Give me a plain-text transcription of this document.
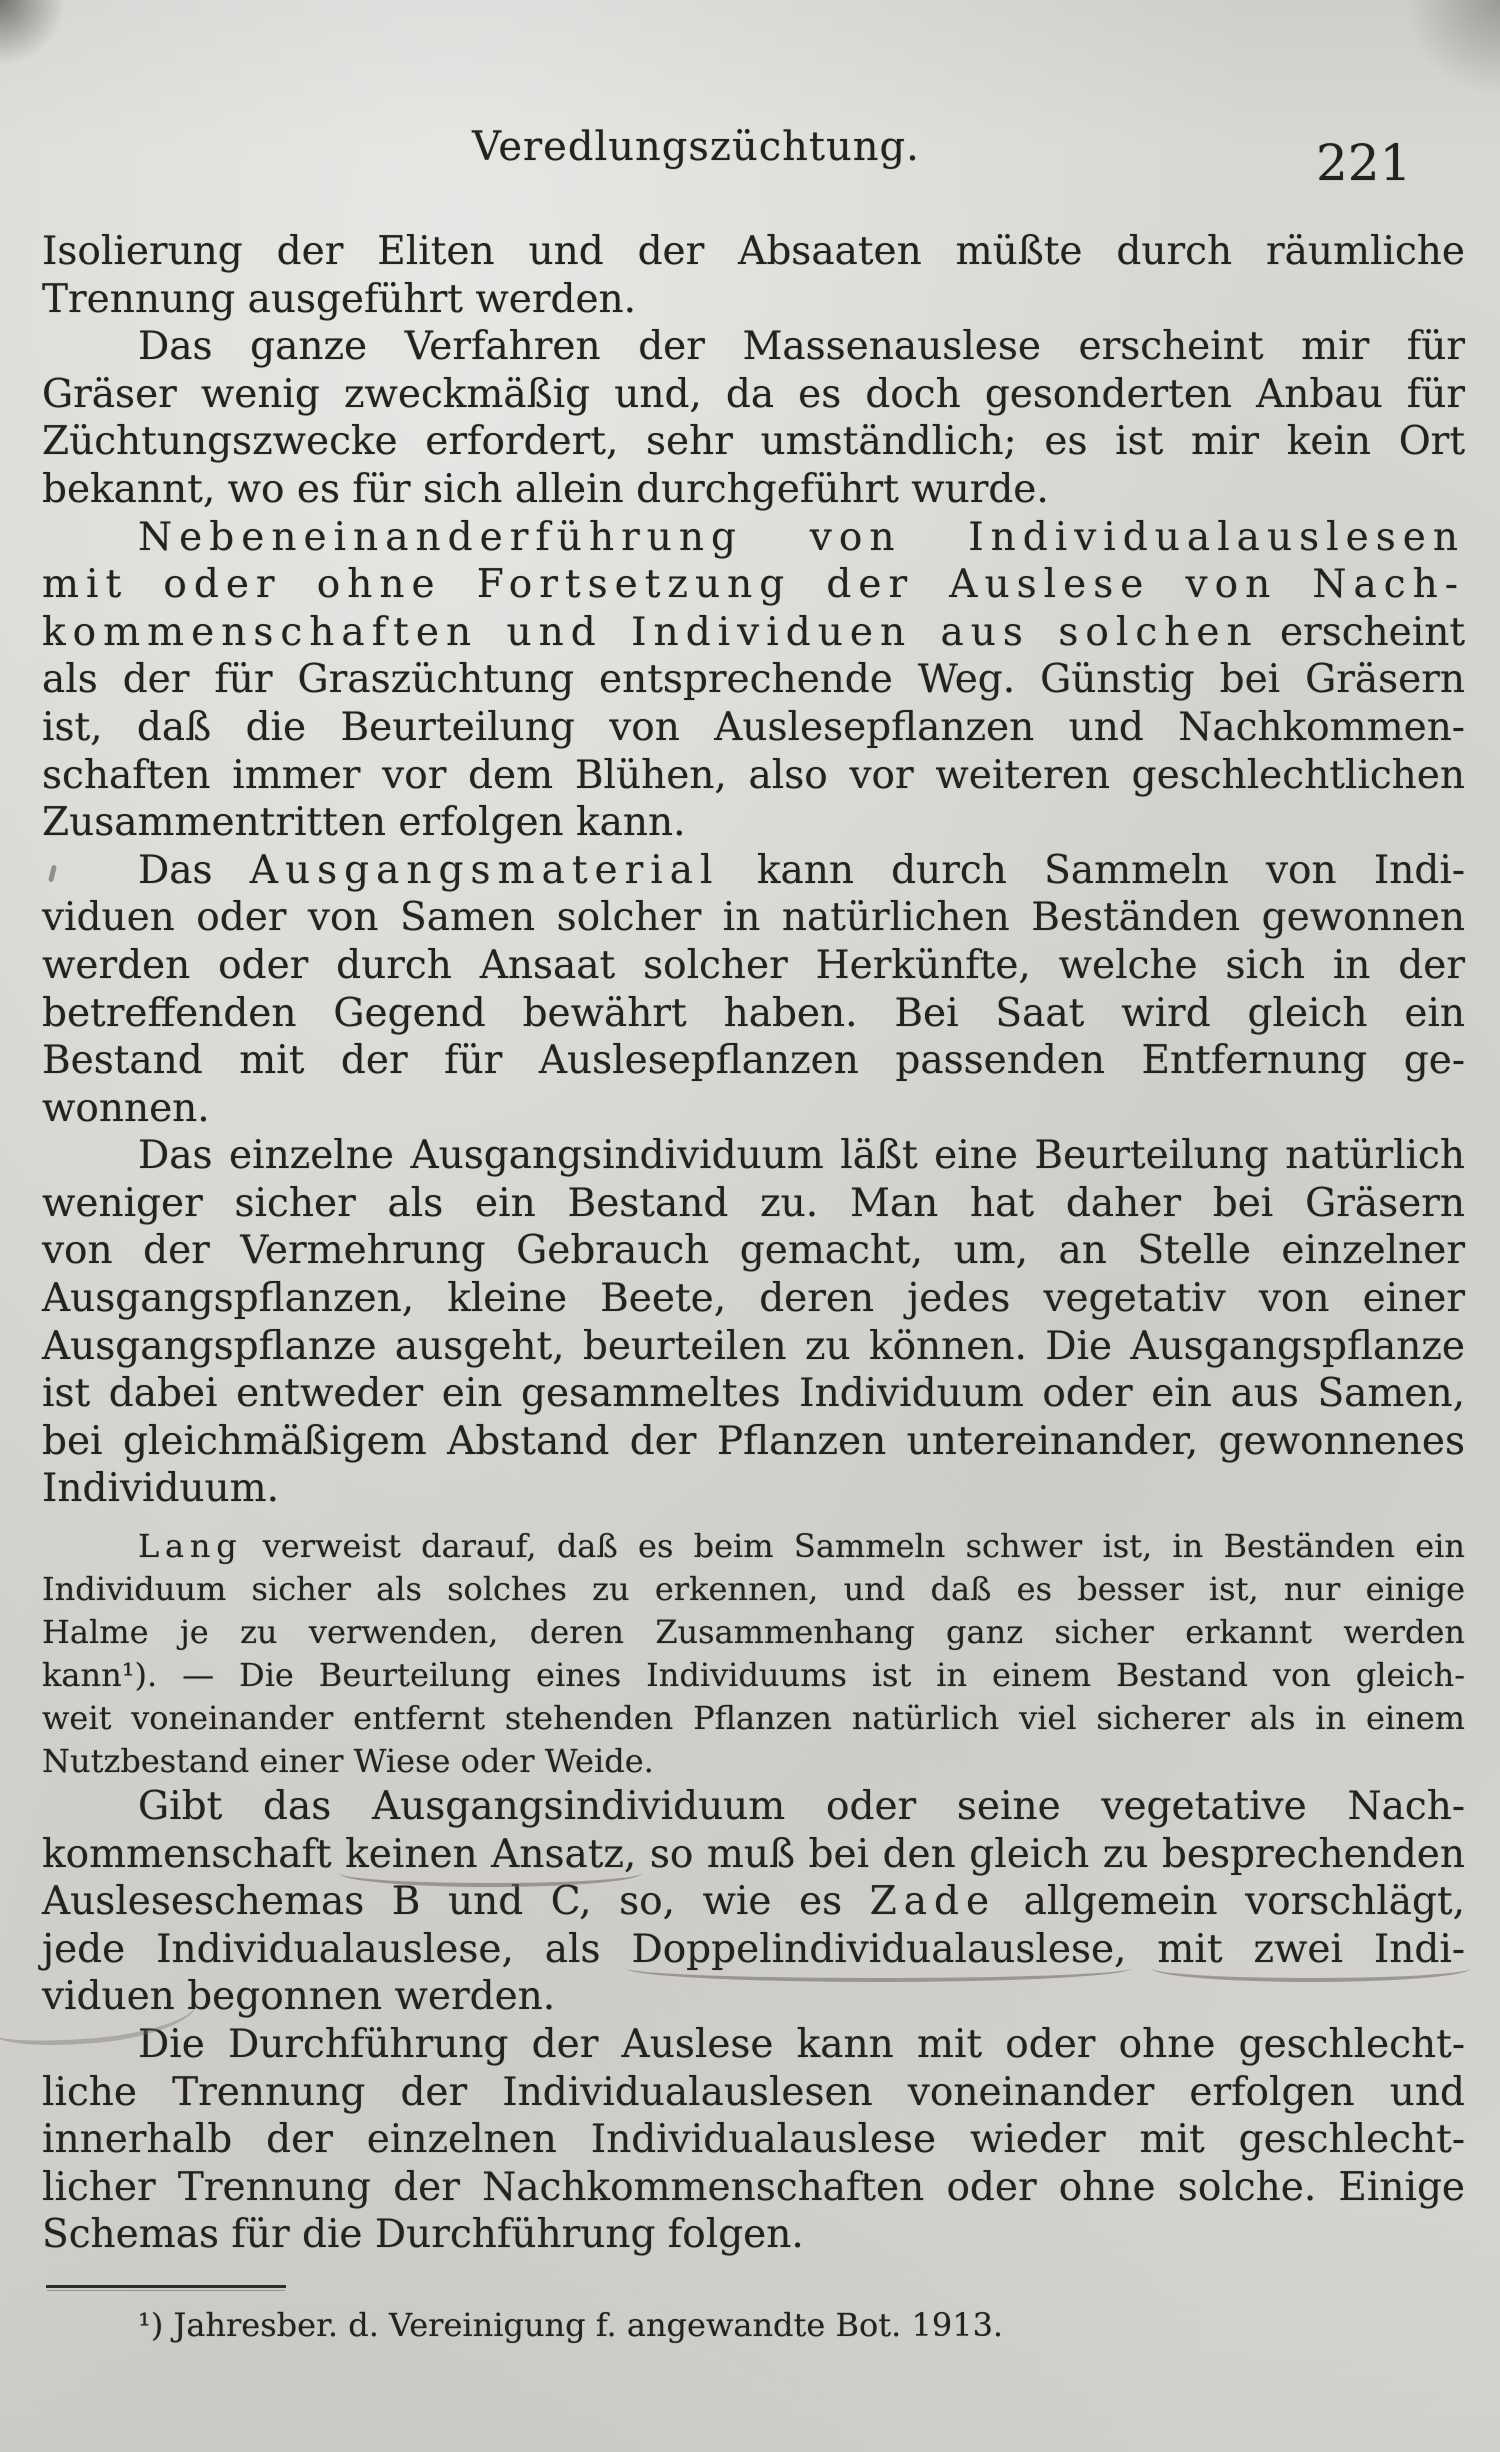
Veredlungszüchtung.	221
Isolierung der Eliten und der Absaaten müßte durch räumliche
Trennung ausgeführt werden.
Das ganze Verfahren der Massenauslese erscheint mir für
Gräser wenig zweckmäßig und, da es doch gesonderten Anbau für
Züchtungszwecke erfordert, sehr umständlich; es ist mir kein Ort
bekannt, wo es für sich allein durchgeführt wurde.
Nebeneinanderführung von Individualauslesen
mit oder ohne Fortsetzung der Auslese von Nach-
kommenschaften und Individuen aus solchen erscheint
als der für Graszüchtung entsprechende Weg. Günstig bei Gräsern
ist, daß die Beurteilung von Auslesepflanzen und Nachkommen-
schaften immer vor dem Blühen, also vor weiteren geschlechtlichen
Zusammentritten erfolgen kann.
Das Ausgangsmaterial kann durch Sammeln von Indi-
viduen oder von Samen solcher in natürlichen Beständen gewonnen
werden oder durch Ansaat solcher Herkünfte, welche sich in der
betreffenden Gegend bewährt haben. Bei Saat wird gleich ein
Bestand mit der für Auslesepflanzen passenden Entfernung ge-
wonnen.
Das einzelne Ausgangsindividuum läßt eine Beurteilung natürlich
weniger sicher als ein Bestand zu. Man hat daher bei Gräsern
von der Vermehrung Gebrauch gemacht, um, an Stelle einzelner
Ausgangspflanzen, kleine Beete, deren jedes vegetativ von einer
Ausgangspflanze ausgeht, beurteilen zu können. Die Ausgangspflanze
ist dabei entweder ein gesammeltes Individuum oder ein aus Samen,
bei gleichmäßigem Abstand der Pflanzen untereinander, gewonnenes
Individuum.
Lang verweist darauf, daß es beim Sammeln schwer ist, in Beständen ein
Individuum sicher als solches zu erkennen, und daß es besser ist, nur einige
Halme je zu verwenden, deren Zusammenhang ganz sicher erkannt werden
kann¹). — Die Beurteilung eines Individuums ist in einem Bestand von gleich-
weit voneinander entfernt stehenden Pflanzen natürlich viel sicherer als in einem
Nutzbestand einer Wiese oder Weide.
Gibt das Ausgangsindividuum oder seine vegetative Nach-
kommenschaft keinen Ansatz, so muß bei den gleich zu besprechenden
Ausleseschemas B und C, so, wie es Zade allgemein vorschlägt,
jede Individualauslese, als Doppelindividualauslese, mit zwei Indi-
viduen begonnen werden.
Die Durchführung der Auslese kann mit oder ohne geschlecht-
liche Trennung der Individualauslesen voneinander erfolgen und
innerhalb der einzelnen Individualauslese wieder mit geschlecht-
licher Trennung der Nachkommenschaften oder ohne solche. Einige
Schemas für die Durchführung folgen.
¹) Jahresber. d. Vereinigung f. angewandte Bot. 1913.
